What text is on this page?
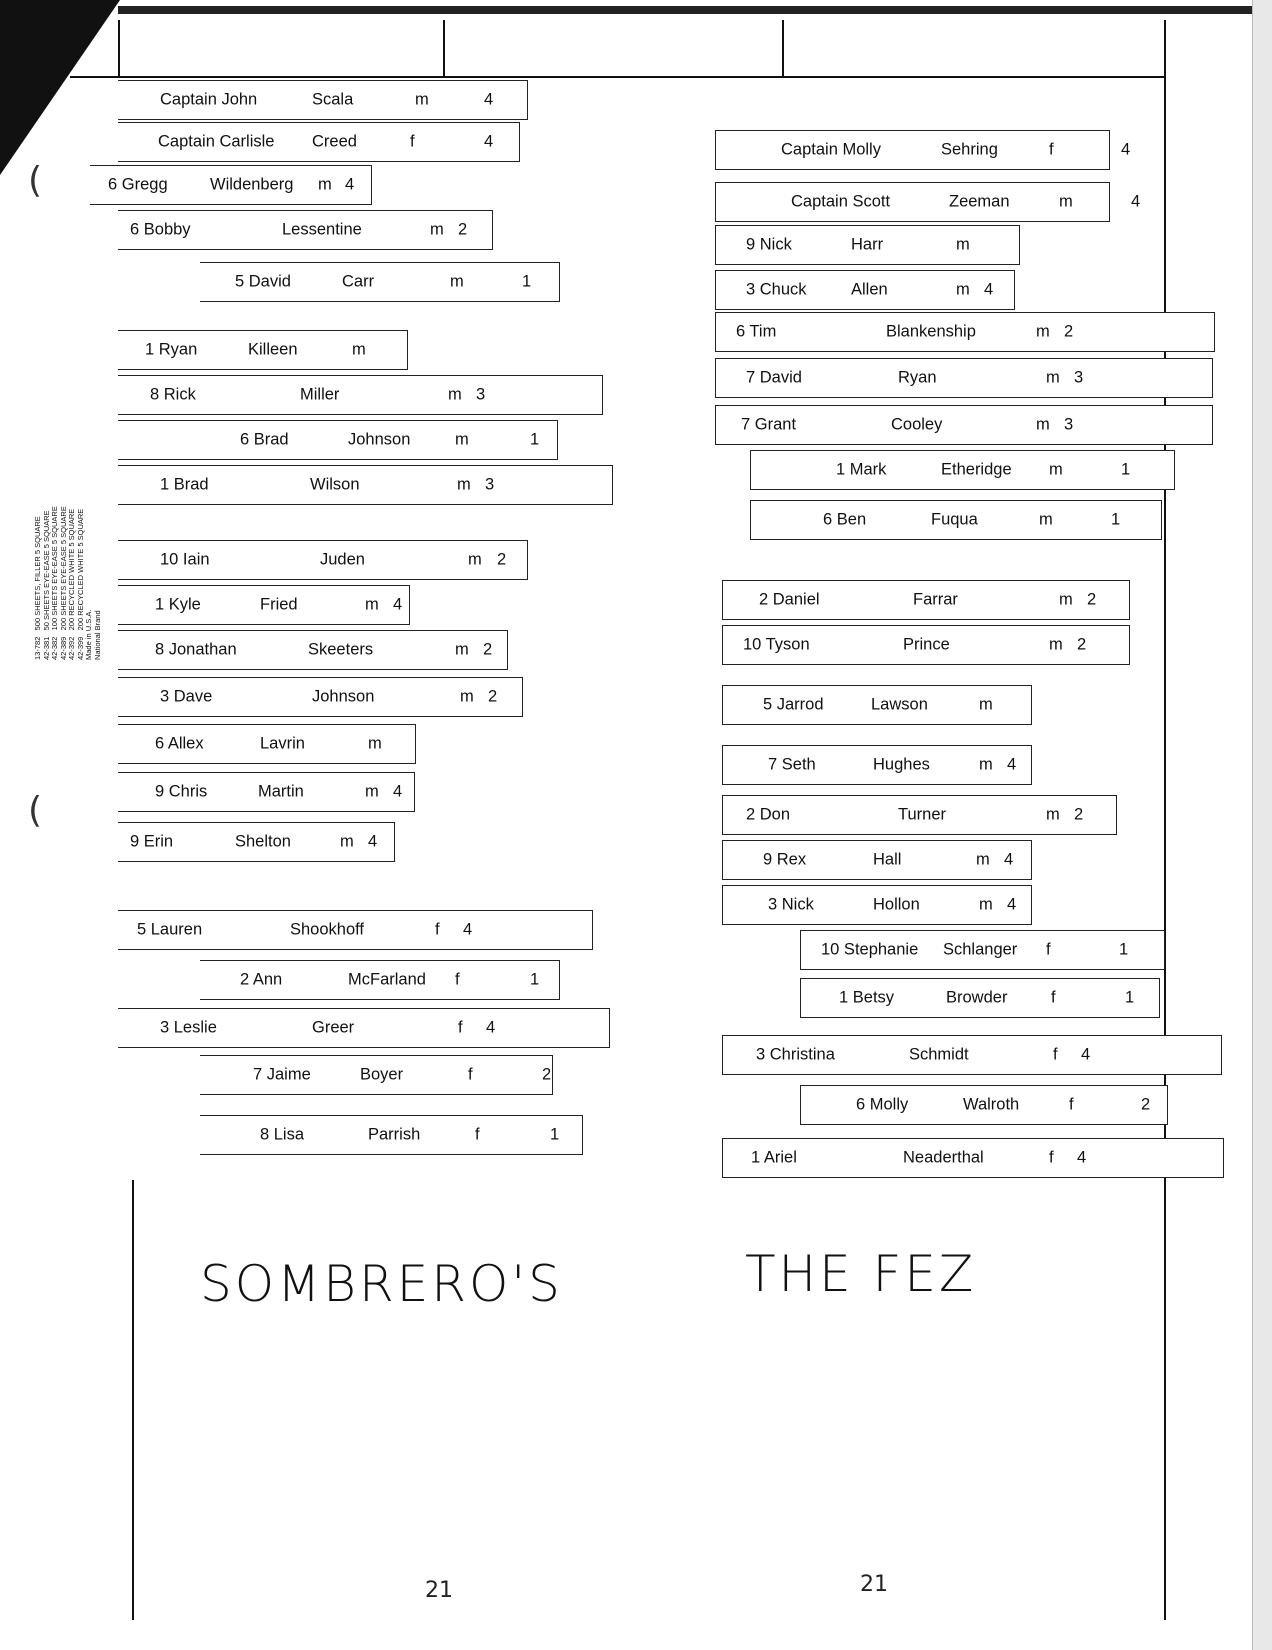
13-782   500 SHEETS, FILLER 5 SQUARE
42-381   50 SHEETS EYE-EASE 5 SQUARE
42-382   100 SHEETS EYE-EASE 5 SQUARE
42-389   200 SHEETS EYE-EASE 5 SQUARE
42-392   200 RECYCLED WHITE 5 SQUARE
42-399   200 RECYCLED WHITE 5 SQUARE
Made in U.S.A.
National Brand
(
(
Captain John	Scala	m	4
Captain Carlisle Creed	f	4
6 Gregg	Wildenberg m 4
6 Bobby	Lessentine	m 2
5 David	Carr	m	1
1 Ryan	Killeen	m
8 Rick	Miller	m 3
6 Brad	Johnson	m	1
1 Brad	Wilson	m 3
10 Iain	Juden	m 2
1 Kyle	Fried	m 4
8 Jonathan	Skeeters	m 2
3 Dave	Johnson	m 2
6 Allex	Lavrin	m
9 Chris	Martin	m 4
9 Erin	Shelton	m 4
5 Lauren	Shookhoff	f 4
2 Ann	McFarland f	1
3 Leslie	Greer	f 4
7 Jaime	Boyer	f	2
8 Lisa	Parrish	f	1
Captain Molly	Sehring	f	4
Captain Scott	Zeeman	m	4
9 Nick	Harr	m
3 Chuck	Allen	m 4
6 Tim	Blankenship	m 2
7 David	Ryan	m 3
7 Grant	Cooley	m 3
1 Mark	Etheridge m	1
6 Ben	Fuqua	m	1
2 Daniel	Farrar	m 2
10 Tyson	Prince	m 2
5 Jarrod	Lawson	m
7 Seth	Hughes	m 4
2 Don	Turner	m 2
9 Rex	Hall	m 4
3 Nick	Hollon	m 4
10 Stephanie Schlanger f	1
1 Betsy	Browder	f	1
3 Christina	Schmidt	f 4
6 Molly	Walroth	f	2
1 Ariel	Neaderthal	f 4
SOMBRERO'S	THE FEZ
21	21
